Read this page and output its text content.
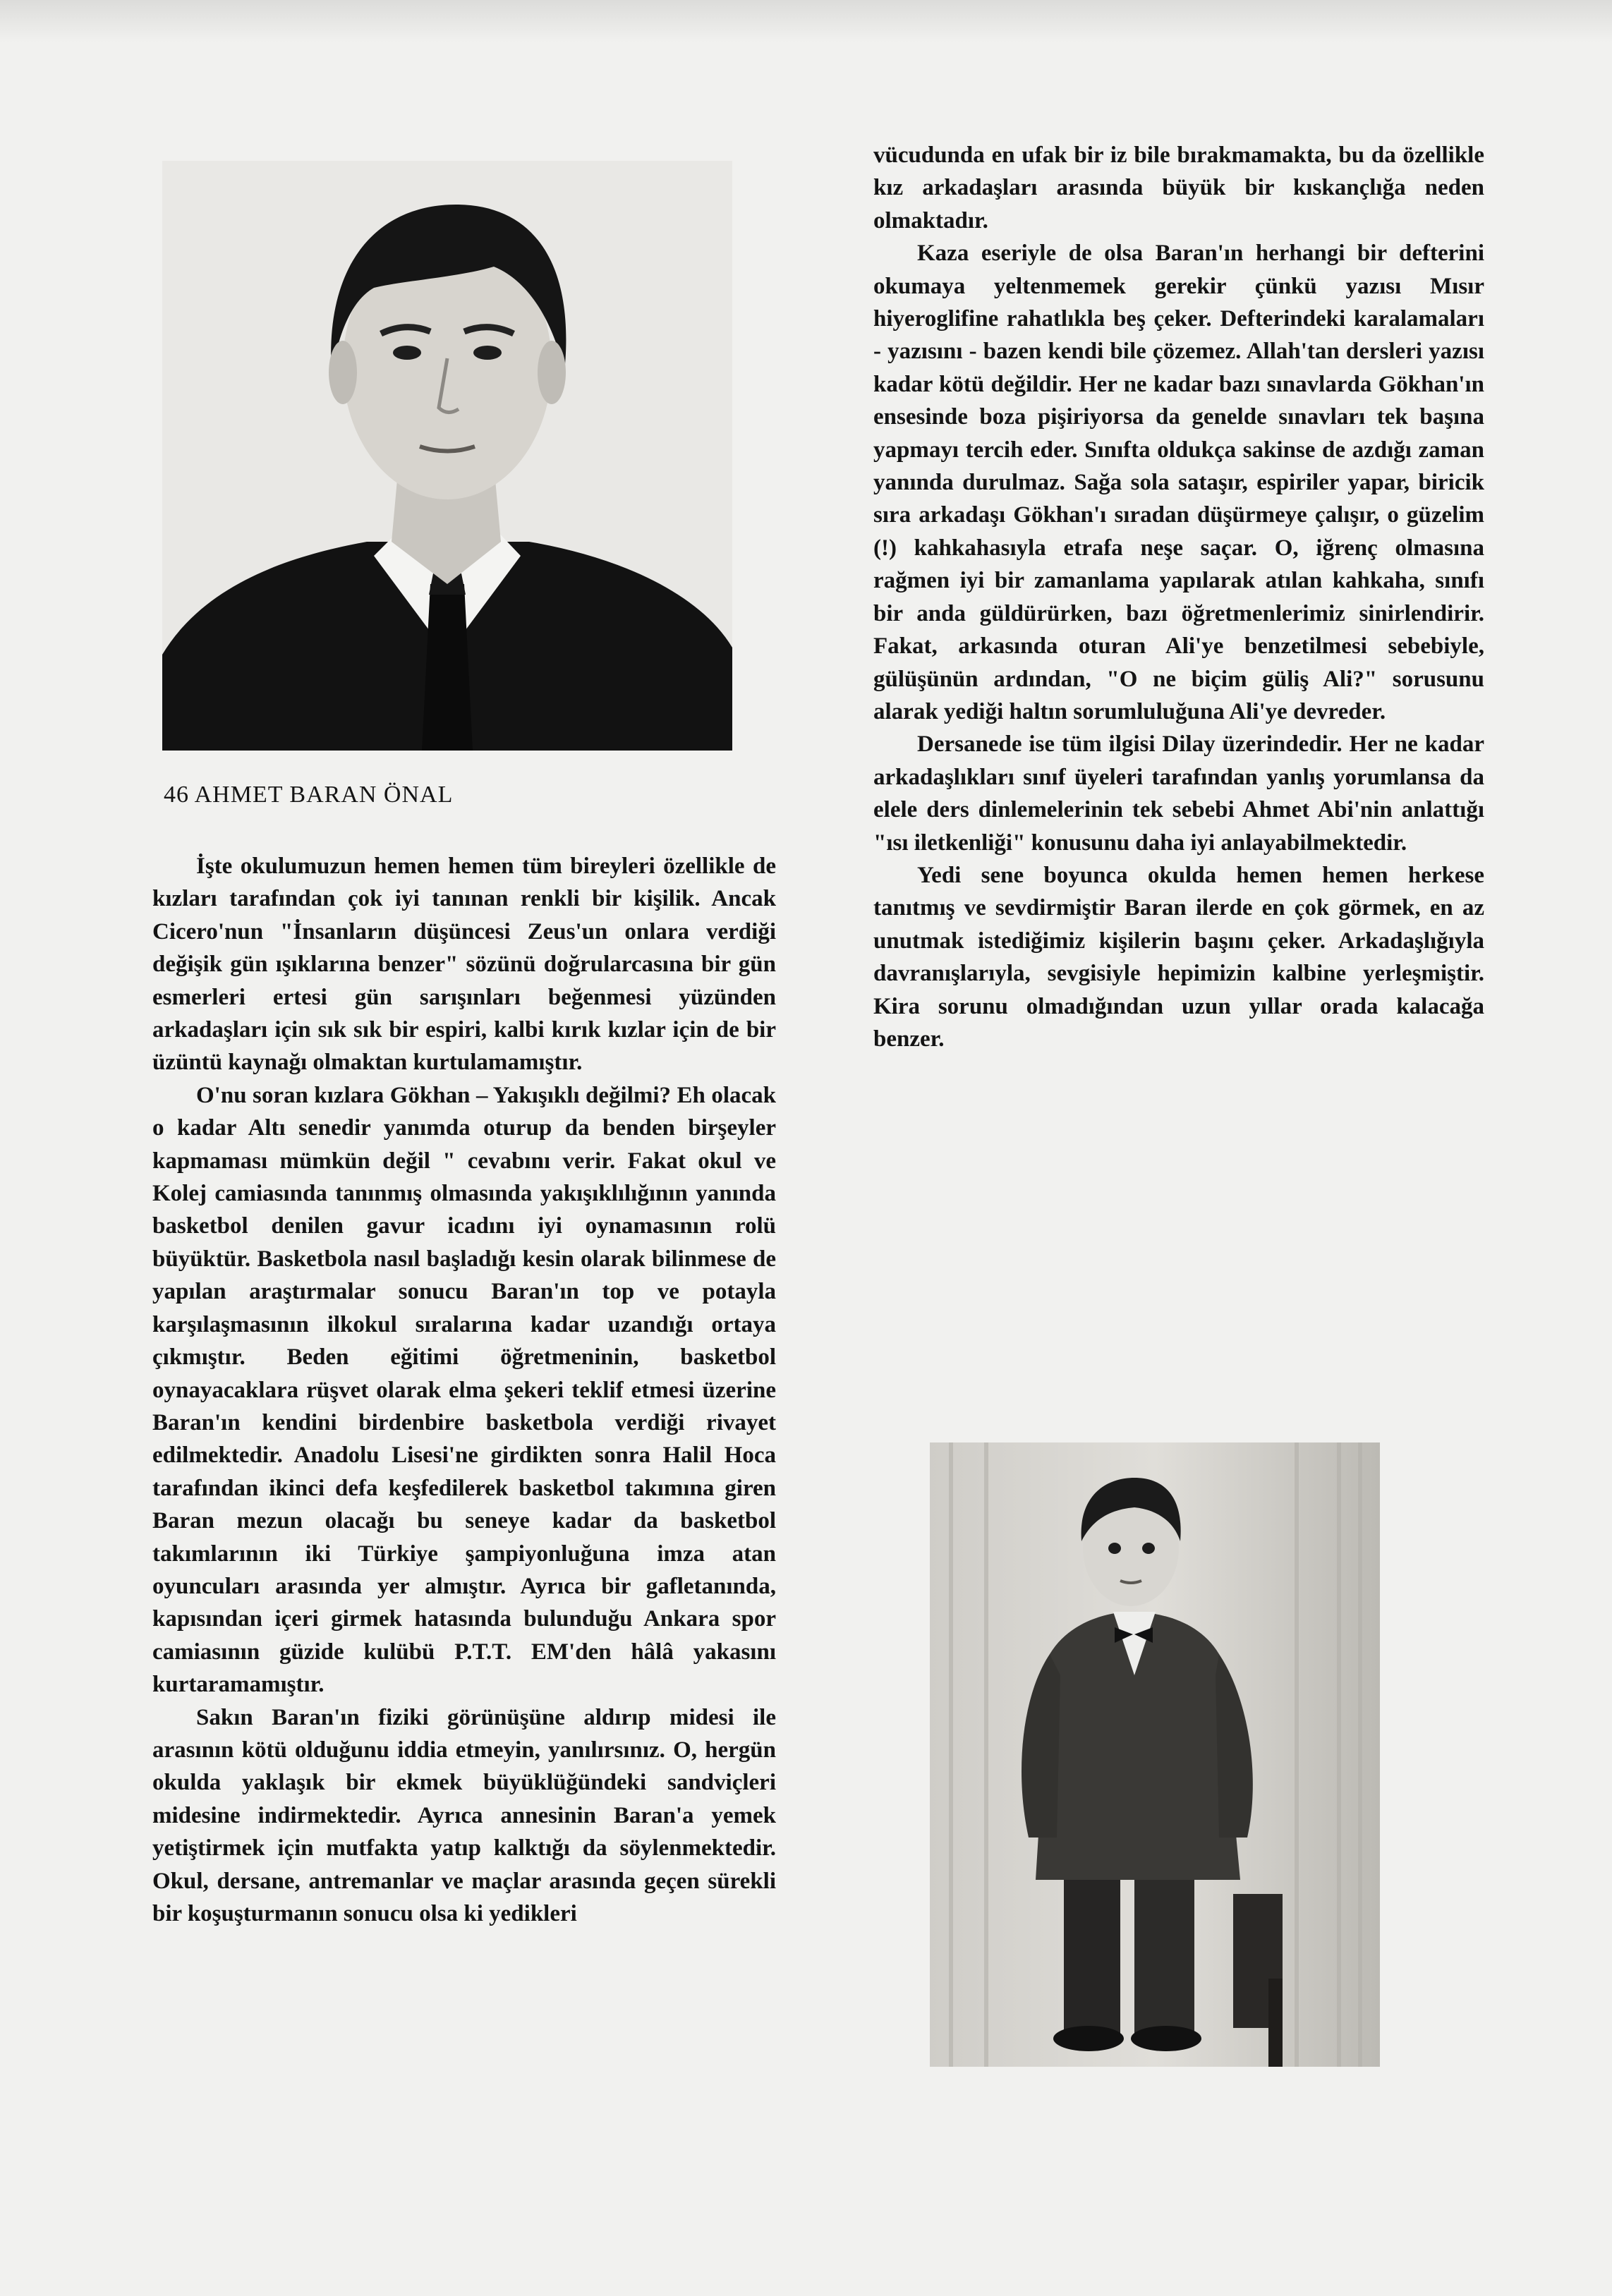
46 AHMET BARAN ÖNAL

İşte okulumuzun hemen hemen tüm bireyleri özellikle de kızları tarafından çok iyi tanınan renkli bir kişilik. Ancak Cicero'nun "İnsanların düşüncesi Zeus'un onlara verdiği değişik gün ışıklarına benzer" sözünü doğrularcasına bir gün esmerleri ertesi gün sarışınları beğenmesi yüzünden arkadaşları için sık sık bir espiri, kalbi kırık kızlar için de bir üzüntü kaynağı olmaktan kurtulamamıştır.

O'nu soran kızlara Gökhan – Yakışıklı değilmi? Eh olacak o kadar Altı senedir yanımda oturup da benden birşeyler kapmaması mümkün değil " cevabını verir. Fakat okul ve Kolej camiasında tanınmış olmasında yakışıklılığının yanında basketbol denilen gavur icadını iyi oynamasının rolü büyüktür. Basketbola nasıl başladığı kesin olarak bilinmese de yapılan araştırmalar sonucu Baran'ın top ve potayla karşılaşmasının ilkokul sıralarına kadar uzandığı ortaya çıkmıştır. Beden eğitimi öğretmeninin, basketbol oynayacaklara rüşvet olarak elma şekeri teklif etmesi üzerine Baran'ın kendini birdenbire basketbola verdiği rivayet edilmektedir. Anadolu Lisesi'ne girdikten sonra Halil Hoca tarafından ikinci defa keşfedilerek basketbol takımına giren Baran mezun olacağı bu seneye kadar da basketbol takımlarının iki Türkiye şampiyonluğuna imza atan oyuncuları arasında yer almıştır. Ayrıca bir gafletanında, kapısından içeri girmek hatasında bulunduğu Ankara spor camiasının güzide kulübü P.T.T. EM'den hâlâ yakasını kurtaramamıştır.

Sakın Baran'ın fiziki görünüşüne aldırıp midesi ile arasının kötü olduğunu iddia etmeyin, yanılırsınız. O, hergün okulda yaklaşık bir ekmek büyüklüğündeki sandviçleri midesine indirmektedir. Ayrıca annesinin Baran'a yemek yetiştirmek için mutfakta yatıp kalktığı da söylenmektedir. Okul, dersane, antremanlar ve maçlar arasında geçen sürekli bir koşuşturmanın sonucu olsa ki yedikleri

vücudunda en ufak bir iz bile bırakmamakta, bu da özellikle kız arkadaşları arasında büyük bir kıskançlığa neden olmaktadır.

Kaza eseriyle de olsa Baran'ın herhangi bir defterini okumaya yeltenmemek gerekir çünkü yazısı Mısır hiyeroglifine rahatlıkla beş çeker. Defterindeki karalamaları - yazısını - bazen kendi bile çözemez. Allah'tan dersleri yazısı kadar kötü değildir. Her ne kadar bazı sınavlarda Gökhan'ın ensesinde boza pişiriyorsa da genelde sınavları tek başına yapmayı tercih eder. Sınıfta oldukça sakinse de azdığı zaman yanında durulmaz. Sağa sola sataşır, espiriler yapar, biricik sıra arkadaşı Gökhan'ı sıradan düşürmeye çalışır, o güzelim (!) kahkahasıyla etrafa neşe saçar. O, iğrenç olmasına rağmen iyi bir zamanlama yapılarak atılan kahkaha, sınıfı bir anda güldürürken, bazı öğretmenlerimiz sinirlendirir. Fakat, arkasında oturan Ali'ye benzetilmesi sebebiyle, gülüşünün ardından, "O ne biçim güliş Ali?" sorusunu alarak yediği haltın sorumluluğuna Ali'ye devreder.

Dersanede ise tüm ilgisi Dilay üzerindedir. Her ne kadar arkadaşlıkları sınıf üyeleri tarafından yanlış yorumlansa da elele ders dinlemelerinin tek sebebi Ahmet Abi'nin anlattığı "ısı iletkenliği" konusunu daha iyi anlayabilmektedir.

Yedi sene boyunca okulda hemen hemen herkese tanıtmış ve sevdirmiştir Baran ilerde en çok görmek, en az unutmak istediğimiz kişilerin başını çeker. Arkadaşlığıyla davranışlarıyla, sevgisiyle hepimizin kalbine yerleşmiştir. Kira sorunu olmadığından uzun yıllar orada kalacağa benzer.
